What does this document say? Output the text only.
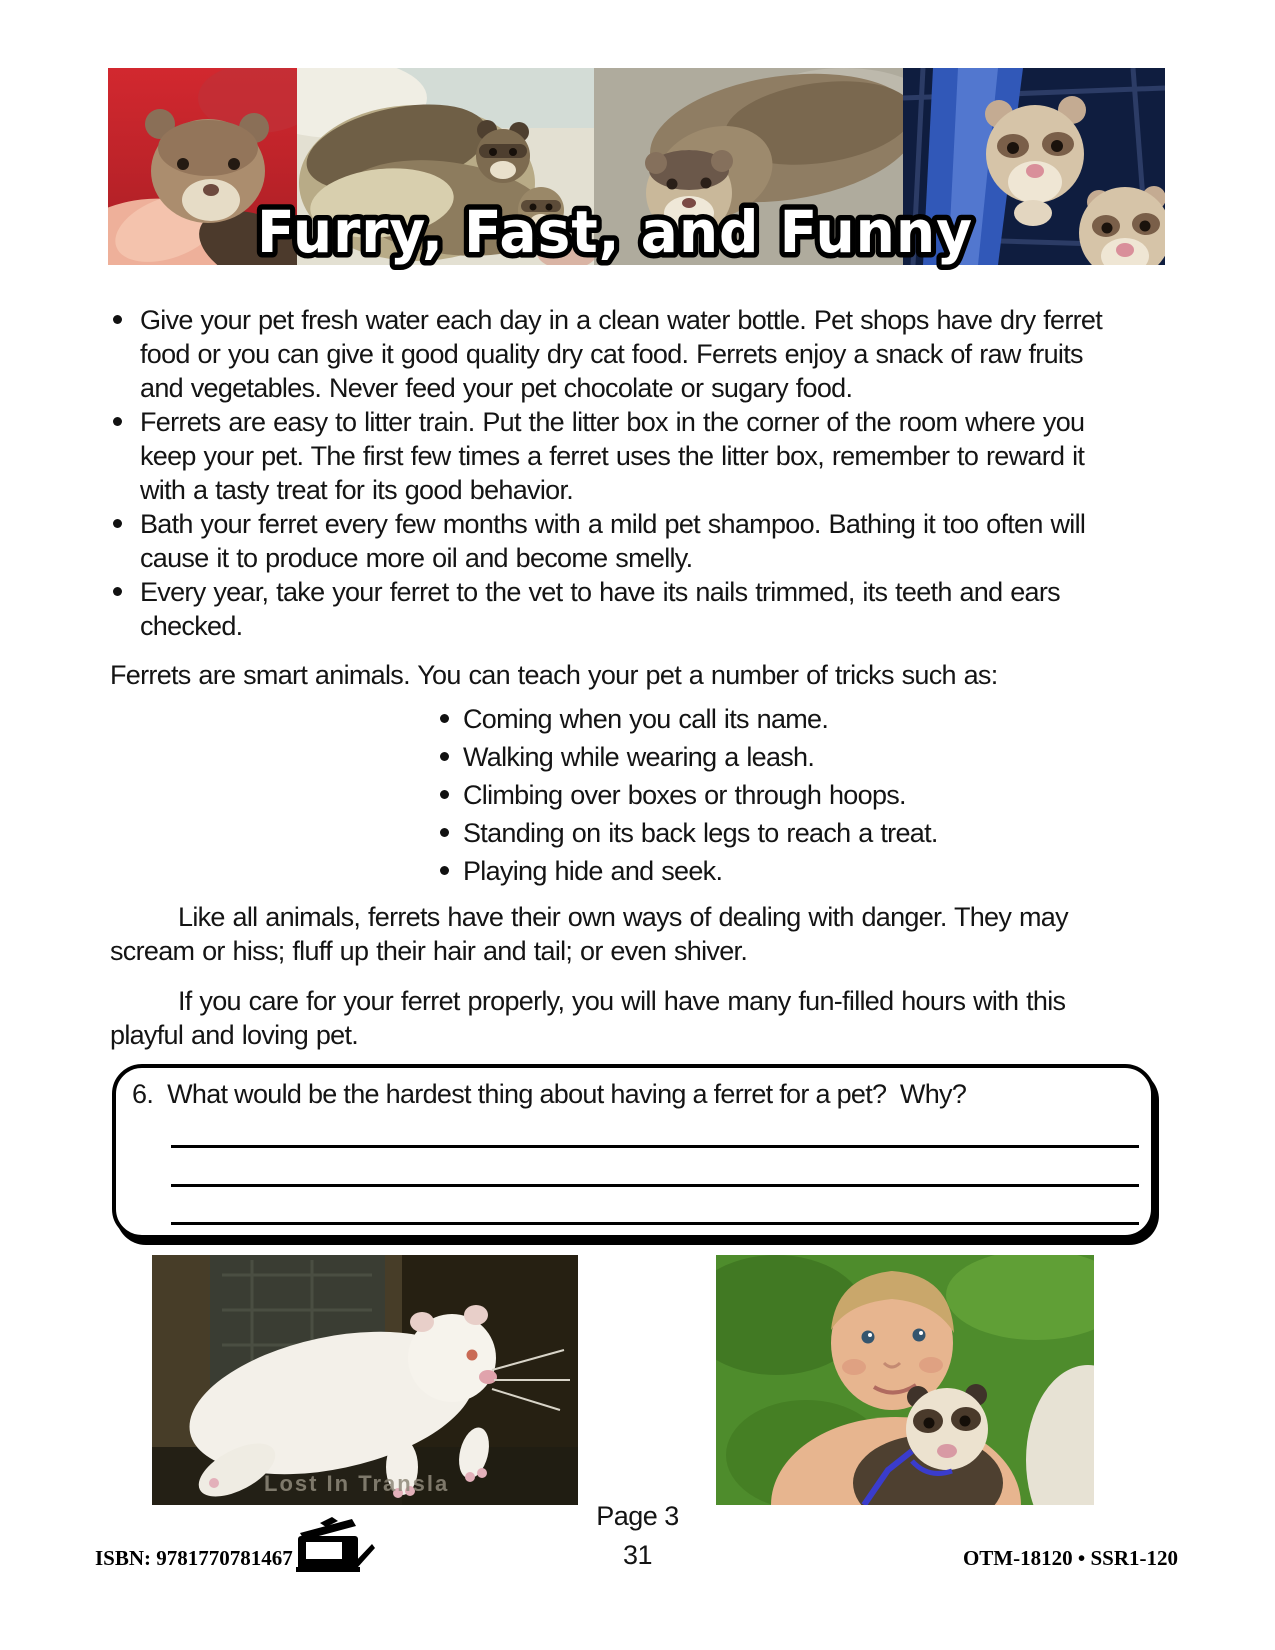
Furry, Fast, and Funny
Give your pet fresh water each day in a clean water bottle. Pet shops have dry ferret food or you can give it good quality dry cat food. Ferrets enjoy a snack of raw fruits and vegetables. Never feed your pet chocolate or sugary food.
Ferrets are easy to litter train. Put the litter box in the corner of the room where you keep your pet. The first few times a ferret uses the litter box, remember to reward it with a tasty treat for its good behavior.
Bath your ferret every few months with a mild pet shampoo. Bathing it too often will cause it to produce more oil and become smelly.
Every year, take your ferret to the vet to have its nails trimmed, its teeth and ears checked.
Ferrets are smart animals. You can teach your pet a number of tricks such as:
Coming when you call its name.
Walking while wearing a leash.
Climbing over boxes or through hoops.
Standing on its back legs to reach a treat.
Playing hide and seek.
Like all animals, ferrets have their own ways of dealing with danger. They may scream or hiss; fluff up their hair and tail; or even shiver.
If you care for your ferret properly, you will have many fun-filled hours with this playful and loving pet.
6. What would be the hardest thing about having a ferret for a pet?  Why?
Lost In Transla
Page 3
31
ISBN: 9781770781467	OTM-18120 • SSR1-120
